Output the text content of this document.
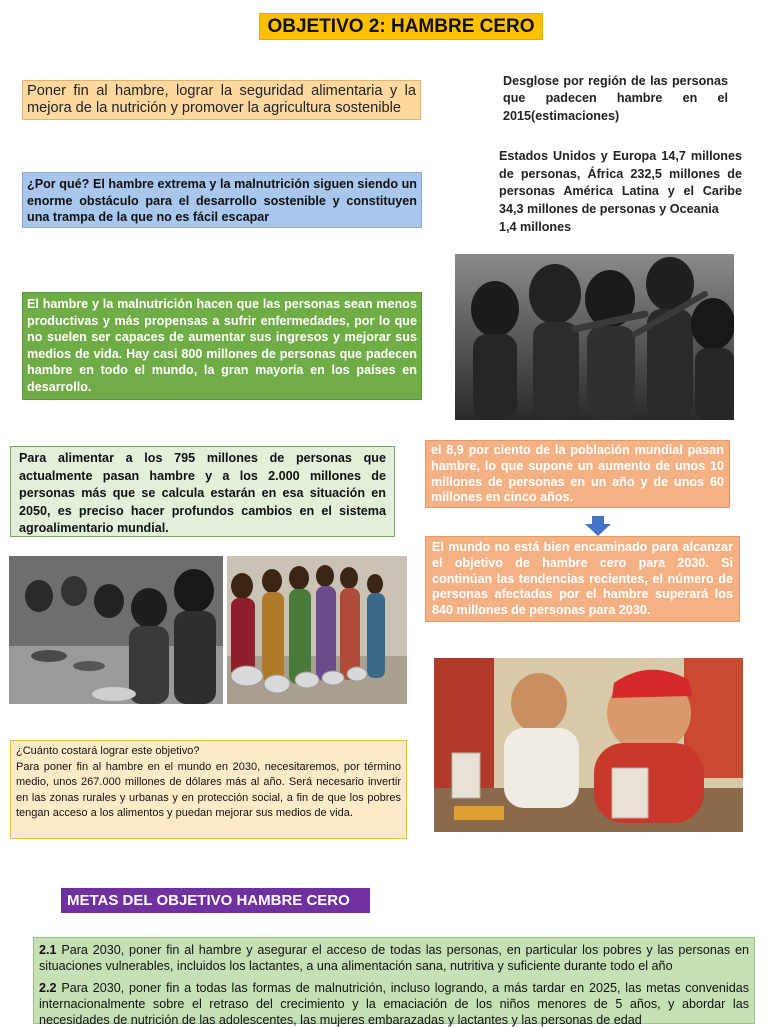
OBJETIVO 2: HAMBRE CERO
Poner fin al hambre, lograr la seguridad alimentaria y la mejora de la nutrición y promover la agricultura sostenible
Desglose por región de las personas que padecen hambre en el 2015(estimaciones)
Estados Unidos y Europa 14,7 millones de personas, África 232,5 millones de personas América Latina y el Caribe 34,3 millones de personas y Oceania
1,4 millones
¿Por qué? El hambre extrema y la malnutrición siguen siendo un enorme obstáculo para el desarrollo sostenible y constituyen una trampa de la que no es fácil escapar
El hambre y la malnutrición hacen que las personas sean menos productivas y más propensas a sufrir enfermedades, por lo que no suelen ser capaces de aumentar sus ingresos y mejorar sus medios de vida. Hay casi 800 millones de personas que padecen hambre en todo el mundo, la gran mayoría en los países en desarrollo.
Para alimentar a los 795 millones de personas que actualmente pasan hambre y a los 2.000 millones de personas más que se calcula estarán en esa situación en 2050, es preciso hacer profundos cambios en el sistema agroalimentario mundial.
el 8,9 por ciento de la población mundial pasan hambre, lo que supone un aumento de unos 10 millones de personas en un año y de unos 60 millones en cinco años.
El mundo no está bien encaminado para alcanzar el objetivo de hambre cero para 2030. Si continúan las tendencias recientes, el número de personas afectadas por el hambre superará los 840 millones de personas para 2030.
¿Cuánto costará lograr este objetivo?
Para poner fin al hambre en el mundo en 2030, necesitaremos, por término medio, unos 267.000 millones de dólares más al año. Será necesario invertir en las zonas rurales y urbanas y en protección social, a fin de que los pobres tengan acceso a los alimentos y puedan mejorar sus medios de vida.
METAS DEL OBJETIVO HAMBRE CERO

2.1 Para 2030, poner fin al hambre y asegurar el acceso de todas las personas, en particular los pobres y las personas en situaciones vulnerables, incluidos los lactantes, a una alimentación sana, nutritiva y suficiente durante todo el año

2.2 Para 2030, poner fin a todas las formas de malnutrición, incluso logrando, a más tardar en 2025, las metas convenidas internacionalmente sobre el retraso del crecimiento y la emaciación de los niños menores de 5 años, y abordar las necesidades de nutrición de las adolescentes, las mujeres embarazadas y lactantes y las personas de edad
